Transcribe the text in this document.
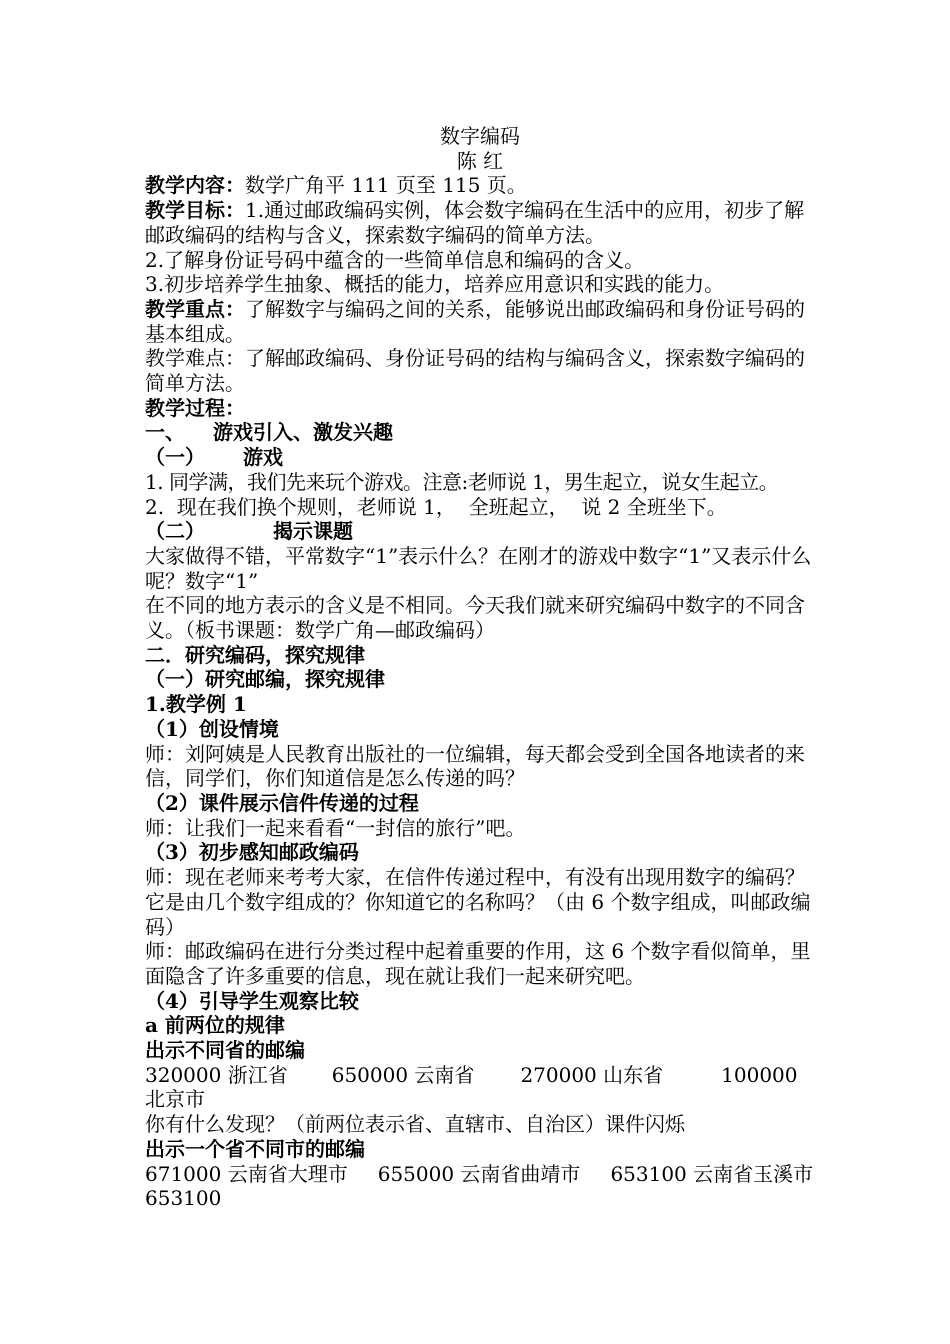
数字编码

陈 红

教学内容：数学广角平 111 页至 115 页。

教学目标：1.通过邮政编码实例，体会数字编码在生活中的应用，初步了解邮政编码的结构与含义，探索数字编码的简单方法。

2.了解身份证号码中蕴含的一些简单信息和编码的含义。

3.初步培养学生抽象、概括的能力，培养应用意识和实践的能力。

教学重点：了解数字与编码之间的关系，能够说出邮政编码和身份证号码的基本组成。

教学难点：了解邮政编码、身份证号码的结构与编码含义，探索数字编码的简单方法。

教学过程：

一、 游戏引入、激发兴趣

（一） 游戏

1. 同学满，我们先来玩个游戏。注意:老师说 1，男生起立，说女生起立。

2.  现在我们换个规则，老师说 1，  全班起立，  说 2 全班坐下。

（二）	揭示课题

大家做得不错，平常数字“1”表示什么？在刚才的游戏中数字“1”又表示什么呢？数字“1”

在不同的地方表示的含义是不相同。今天我们就来研究编码中数字的不同含义。（板书课题：数学广角—邮政编码）

二．研究编码，探究规律

（一）研究邮编，探究规律

1.教学例 1

（1）创设情境

师：刘阿姨是人民教育出版社的一位编辑，每天都会受到全国各地读者的来信，同学们，你们知道信是怎么传递的吗？

（2）课件展示信件传递的过程

师：让我们一起来看看“一封信的旅行”吧。

（3）初步感知邮政编码

师：现在老师来考考大家，在信件传递过程中，有没有出现用数字的编码？它是由几个数字组成的？你知道它的名称吗？（由 6 个数字组成，叫邮政编码）

师：邮政编码在进行分类过程中起着重要的作用，这 6 个数字看似简单，里面隐含了许多重要的信息，现在就让我们一起来研究吧。

（4）引导学生观察比较

a 前两位的规律

出示不同省的邮编

320000 浙江省 650000 云南省 270000 山东省	100000 北京市

你有什么发现？（前两位表示省、直辖市、自治区）课件闪烁

出示一个省不同市的邮编

671000 云南省大理市 655000 云南省曲靖市 653100 云南省玉溪市 653100
